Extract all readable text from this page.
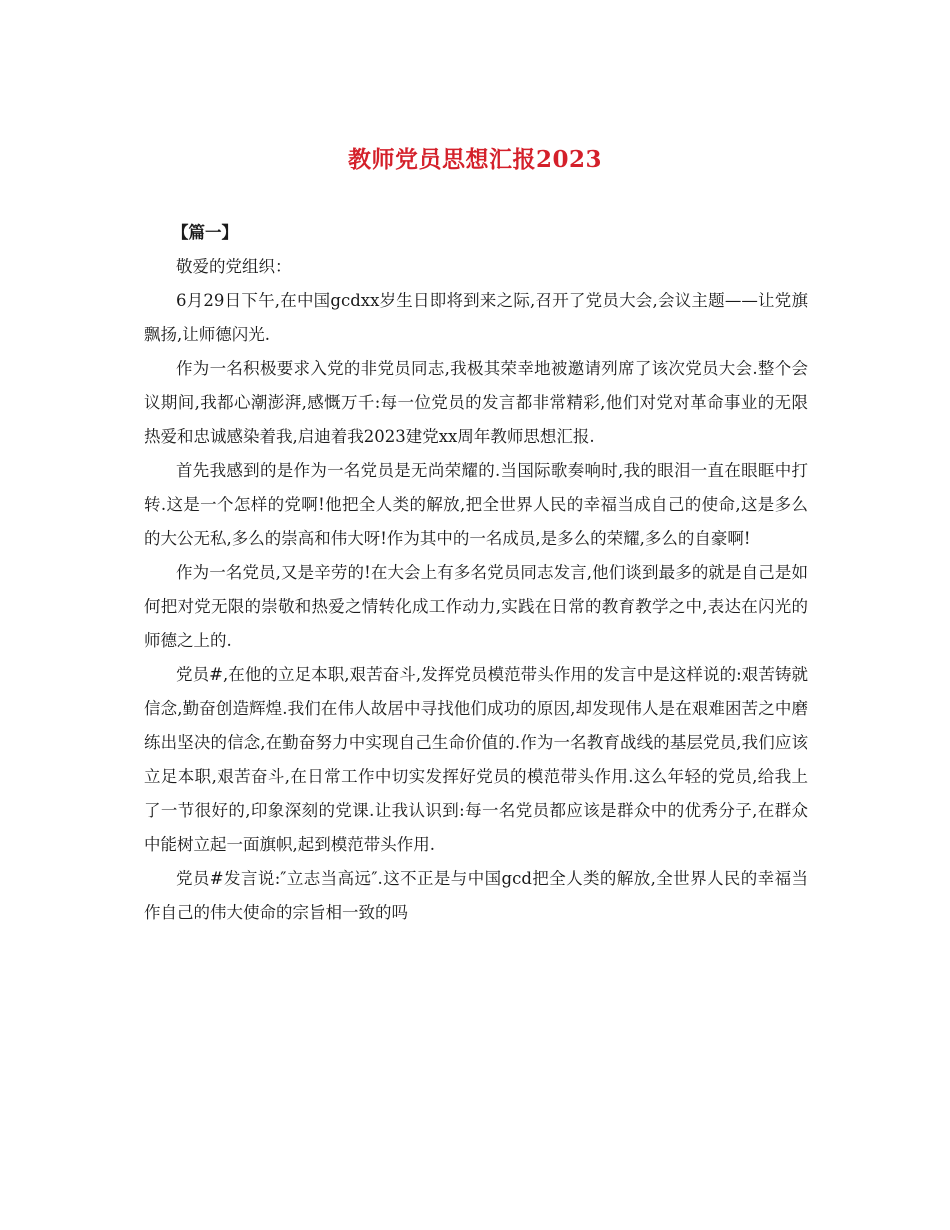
教师党员思想汇报2023

【篇一】

敬爱的党组织：

6月29日下午,在中国gcdxx岁生日即将到来之际,召开了党员大会,会议主题——让党旗飘扬,让师德闪光.

作为一名积极要求入党的非党员同志,我极其荣幸地被邀请列席了该次党员大会.整个会议期间,我都心潮澎湃,感慨万千:每一位党员的发言都非常精彩,他们对党对革命事业的无限热爱和忠诚感染着我,启迪着我2023建党xx周年教师思想汇报.

首先我感到的是作为一名党员是无尚荣耀的.当国际歌奏响时,我的眼泪一直在眼眶中打转.这是一个怎样的党啊!他把全人类的解放,把全世界人民的幸福当成自己的使命,这是多么的大公无私,多么的崇高和伟大呀!作为其中的一名成员,是多么的荣耀,多么的自豪啊!

作为一名党员,又是辛劳的!在大会上有多名党员同志发言,他们谈到最多的就是自己是如何把对党无限的崇敬和热爱之情转化成工作动力,实践在日常的教育教学之中,表达在闪光的师德之上的.

党员#,在他的立足本职,艰苦奋斗,发挥党员模范带头作用的发言中是这样说的:艰苦铸就信念,勤奋创造辉煌.我们在伟人故居中寻找他们成功的原因,却发现伟人是在艰难困苦之中磨练出坚决的信念,在勤奋努力中实现自己生命价值的.作为一名教育战线的基层党员,我们应该立足本职,艰苦奋斗,在日常工作中切实发挥好党员的模范带头作用.这么年轻的党员,给我上了一节很好的,印象深刻的党课.让我认识到:每一名党员都应该是群众中的优秀分子,在群众中能树立起一面旗帜,起到模范带头作用.

党员#发言说:″立志当高远″.这不正是与中国gcd把全人类的解放,全世界人民的幸福当作自己的伟大使命的宗旨相一致的吗
